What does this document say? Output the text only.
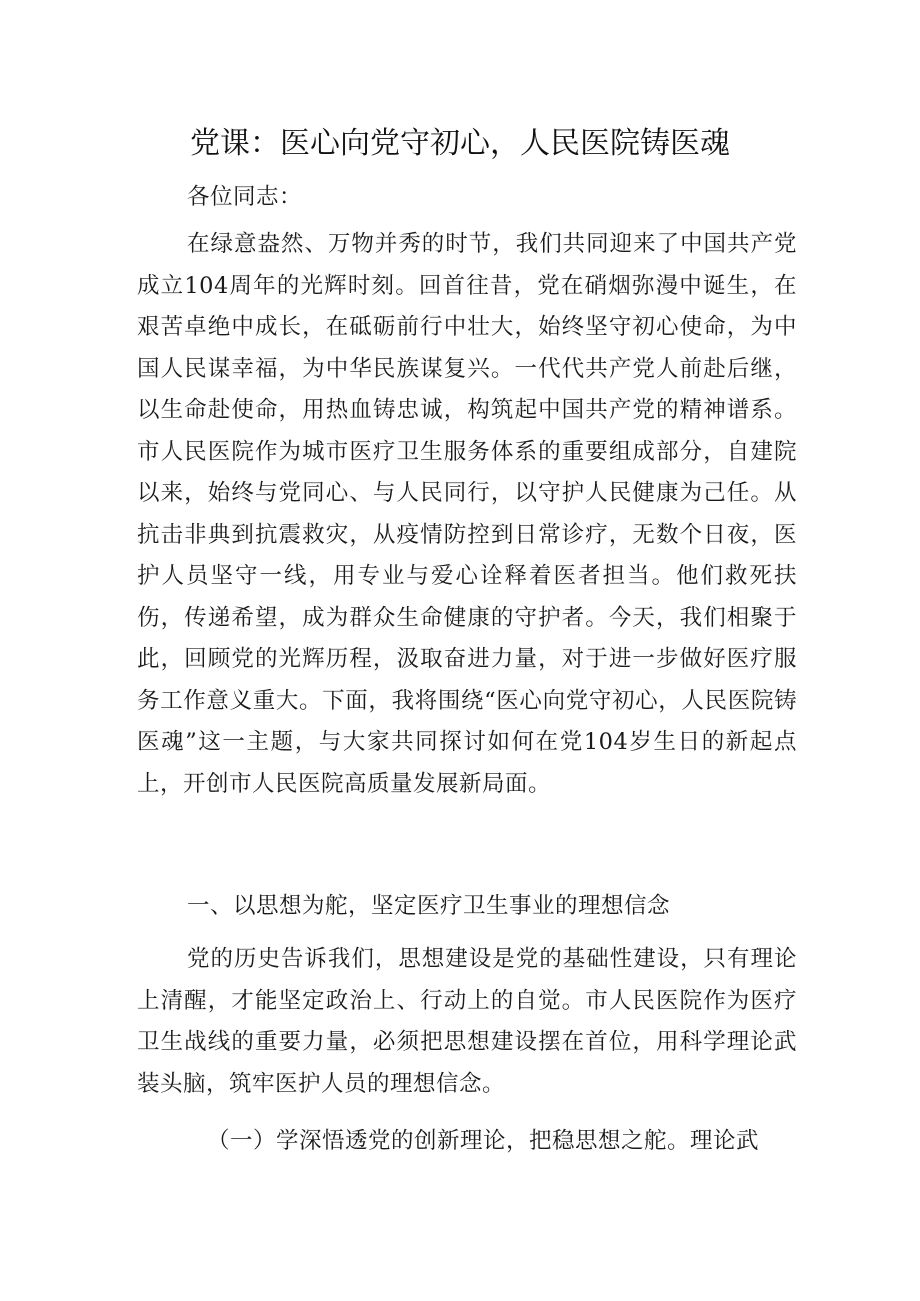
党课：医心向党守初心，人民医院铸医魂

各位同志：

在绿意盎然、万物并秀的时节，我们共同迎来了中国共产党成立104周年的光辉时刻。回首往昔，党在硝烟弥漫中诞生，在艰苦卓绝中成长，在砥砺前行中壮大，始终坚守初心使命，为中国人民谋幸福，为中华民族谋复兴。一代代共产党人前赴后继，以生命赴使命，用热血铸忠诚，构筑起中国共产党的精神谱系。市人民医院作为城市医疗卫生服务体系的重要组成部分，自建院以来，始终与党同心、与人民同行，以守护人民健康为己任。从抗击非典到抗震救灾，从疫情防控到日常诊疗，无数个日夜，医护人员坚守一线，用专业与爱心诠释着医者担当。他们救死扶伤，传递希望，成为群众生命健康的守护者。今天，我们相聚于此，回顾党的光辉历程，汲取奋进力量，对于进一步做好医疗服务工作意义重大。下面，我将围绕“医心向党守初心，人民医院铸医魂”这一主题，与大家共同探讨如何在党104岁生日的新起点上，开创市人民医院高质量发展新局面。

一、以思想为舵，坚定医疗卫生事业的理想信念

党的历史告诉我们，思想建设是党的基础性建设，只有理论上清醒，才能坚定政治上、行动上的自觉。市人民医院作为医疗卫生战线的重要力量，必须把思想建设摆在首位，用科学理论武装头脑，筑牢医护人员的理想信念。

（一）学深悟透党的创新理论，把稳思想之舵。理论武
